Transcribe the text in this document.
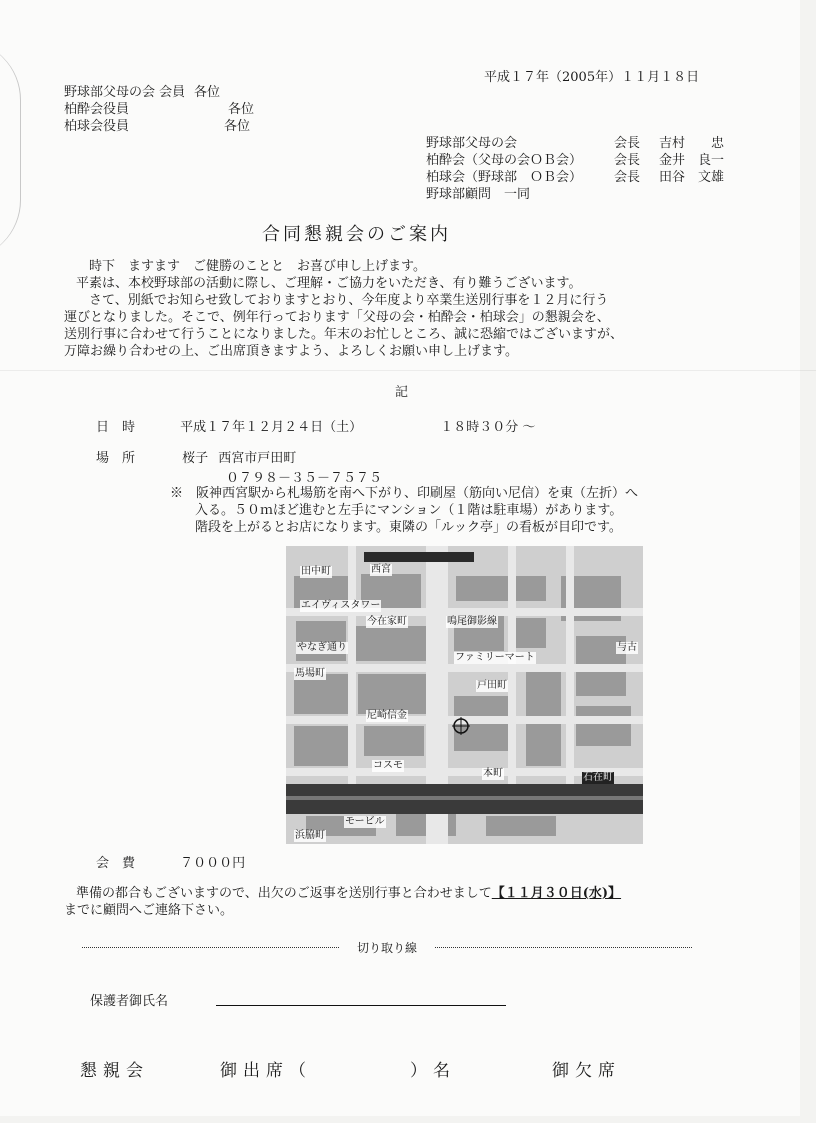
平成１７年（2005年）１１月１８日
野球部父母の会 会員 各位
柏酔会役員	各位
柏球会役員	各位
野球部父母の会	会長	吉村　　忠
柏酔会（父母の会ＯＢ会）	会長	金井　良一
柏球会（野球部　ＯＢ会）	会長	田谷　文雄
野球部顧問　一同
合同懇親会のご案内
　時下　ますます　ご健勝のことと　お喜び申し上げます。
平素は、本校野球部の活動に際し、ご理解・ご協力をいただき、有り難うございます。
　さて、別紙でお知らせ致しておりますとおり、今年度より卒業生送別行事を１２月に行う
運びとなりました。そこで、例年行っております「父母の会・柏酔会・柏球会」の懇親会を、
送別行事に合わせて行うことになりました。年末のお忙しところ、誠に恐縮ではございますが、
万障お繰り合わせの上、ご出席頂きますよう、よろしくお願い申し上げます。
記
日　時	平成１７年１２月２４日（土）	１８時３０分 ～
場　所	桜子 西宮市戸田町
０７９８－３５－７５７５
※　阪神西宮駅から札場筋を南へ下がり、印刷屋（筋向い尼信）を東（左折）へ
入る。５０ｍほど進むと左手にマンション（１階は駐車場）があります。
階段を上がるとお店になります。東隣の「ルック亭」の看板が目印です。
田中町	西宮
今在家町
馬場町
戸田町
本町
浜脇町
石在町
与古
鳴尾御影線
ファミリーマート
エイヴィスタワー
尼崎信金
やなぎ通り
コスモ
モービル
会　費	７０００円
準備の都合もございますので、出欠のご返事を送別行事と合わせまして【１１月３０日(水)】
までに顧問へご連絡下さい。
切り取り線
保護者御氏名
懇親会	御出席（	）名	御欠席
